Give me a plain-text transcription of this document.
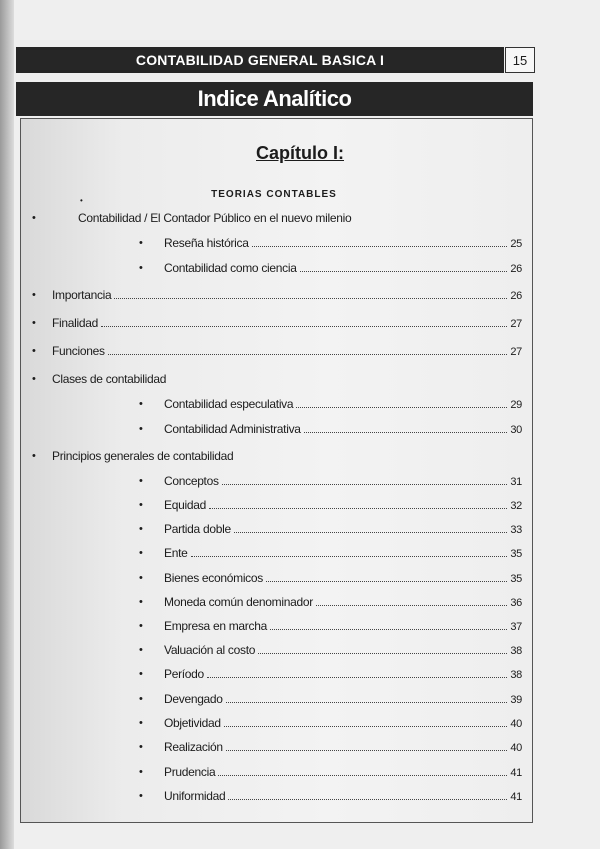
CONTABILIDAD GENERAL BASICA I	15
Indice Analítico
Capítulo I:
•
TEORIAS CONTABLES
•	Contabilidad / El Contador Público en el nuevo milenio
• Reseña histórica	25
• Contabilidad como ciencia	26
• Importancia	26
• Finalidad	27
• Funciones	27
• Clases de contabilidad
• Contabilidad especulativa	29
• Contabilidad Administrativa	30
• Principios generales de contabilidad
• Conceptos	31
• Equidad	32
• Partida doble	33
• Ente	35
• Bienes económicos	35
• Moneda común denominador	36
• Empresa en marcha	37
• Valuación al costo	38
• Período	38
• Devengado	39
• Objetividad	40
• Realización	40
• Prudencia	41
• Uniformidad	41
